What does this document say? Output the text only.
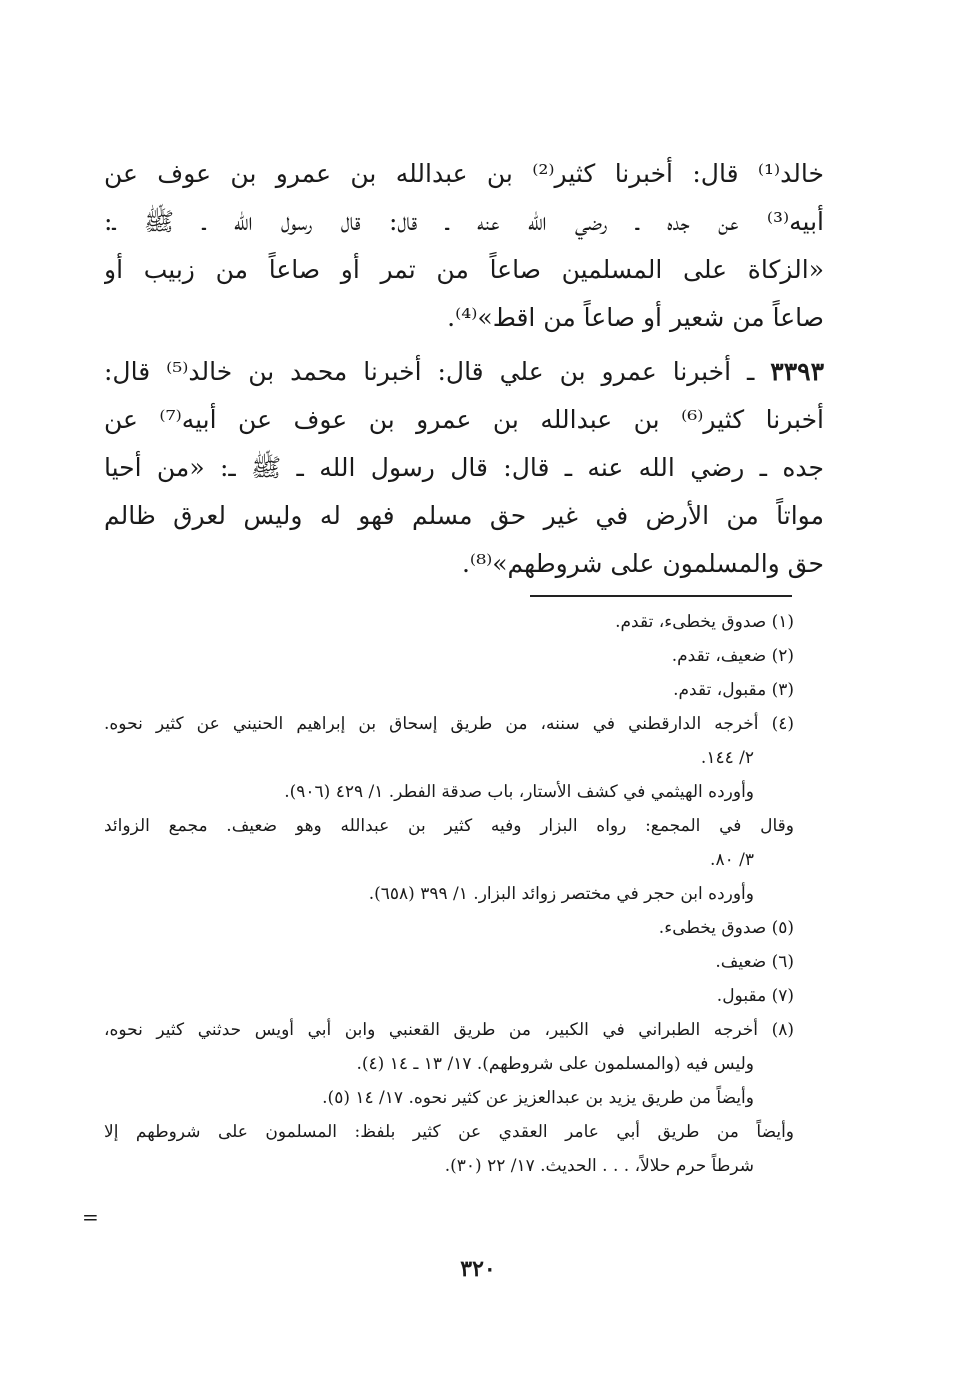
خالد⁽¹⁾ قال: أخبرنا كثير⁽²⁾ بن عبدالله بن عمرو بن عوف عن
أبيه⁽³⁾ عن جده ـ رضي الله عنه ـ قال: قال رسول الله ـ ﷺ ـ:
«الزكاة على المسلمين صاعاً من تمر أو صاعاً من زبيب أو
صاعاً من شعير أو صاعاً من اقط»⁽⁴⁾.
٣٣٩٣ ـ أخبرنا عمرو بن علي قال: أخبرنا محمد بن خالد⁽⁵⁾ قال:
أخبرنا كثير⁽⁶⁾ بن عبدالله بن عمرو بن عوف عن أبيه⁽⁷⁾ عن
جده ـ رضي الله عنه ـ قال: قال رسول الله ـ ﷺ ـ: «من أحيا
مواتاً من الأرض في غير حق مسلم فهو له وليس لعرق ظالم
حق والمسلمون على شروطهم»⁽⁸⁾.
(١) صدوق يخطىء، تقدم.
(٢) ضعيف، تقدم.
(٣) مقبول، تقدم.
(٤) أخرجه الدارقطني في سننه، من طريق إسحاق بن إبراهيم الحنيني عن كثير نحوه.
٢/ ١٤٤.
وأورده الهيثمي في كشف الأستار، باب صدقة الفطر. ١/ ٤٢٩ (٩٠٦).
وقال في المجمع: رواه البزار وفيه كثير بن عبدالله وهو ضعيف. مجمع الزوائد
٣/ ٨٠.
وأورده ابن حجر في مختصر زوائد البزار. ١/ ٣٩٩ (٦٥٨).
(٥) صدوق يخطىء.
(٦) ضعيف.
(٧) مقبول.
(٨) أخرجه الطبراني في الكبير، من طريق القعنبي وابن أبي أويس حدثني كثير نحوه،
وليس فيه (والمسلمون على شروطهم). ١٧/ ١٣ ـ ١٤ (٤).
وأيضاً من طريق يزيد بن عبدالعزيز عن كثير نحوه. ١٧/ ١٤ (٥).
وأيضاً من طريق أبي عامر العقدي عن كثير بلفظ: المسلمون على شروطهم إلا
شرطاً حرم حلالاً، . . . الحديث. ١٧/ ٢٢ (٣٠).
=
٣٢٠
